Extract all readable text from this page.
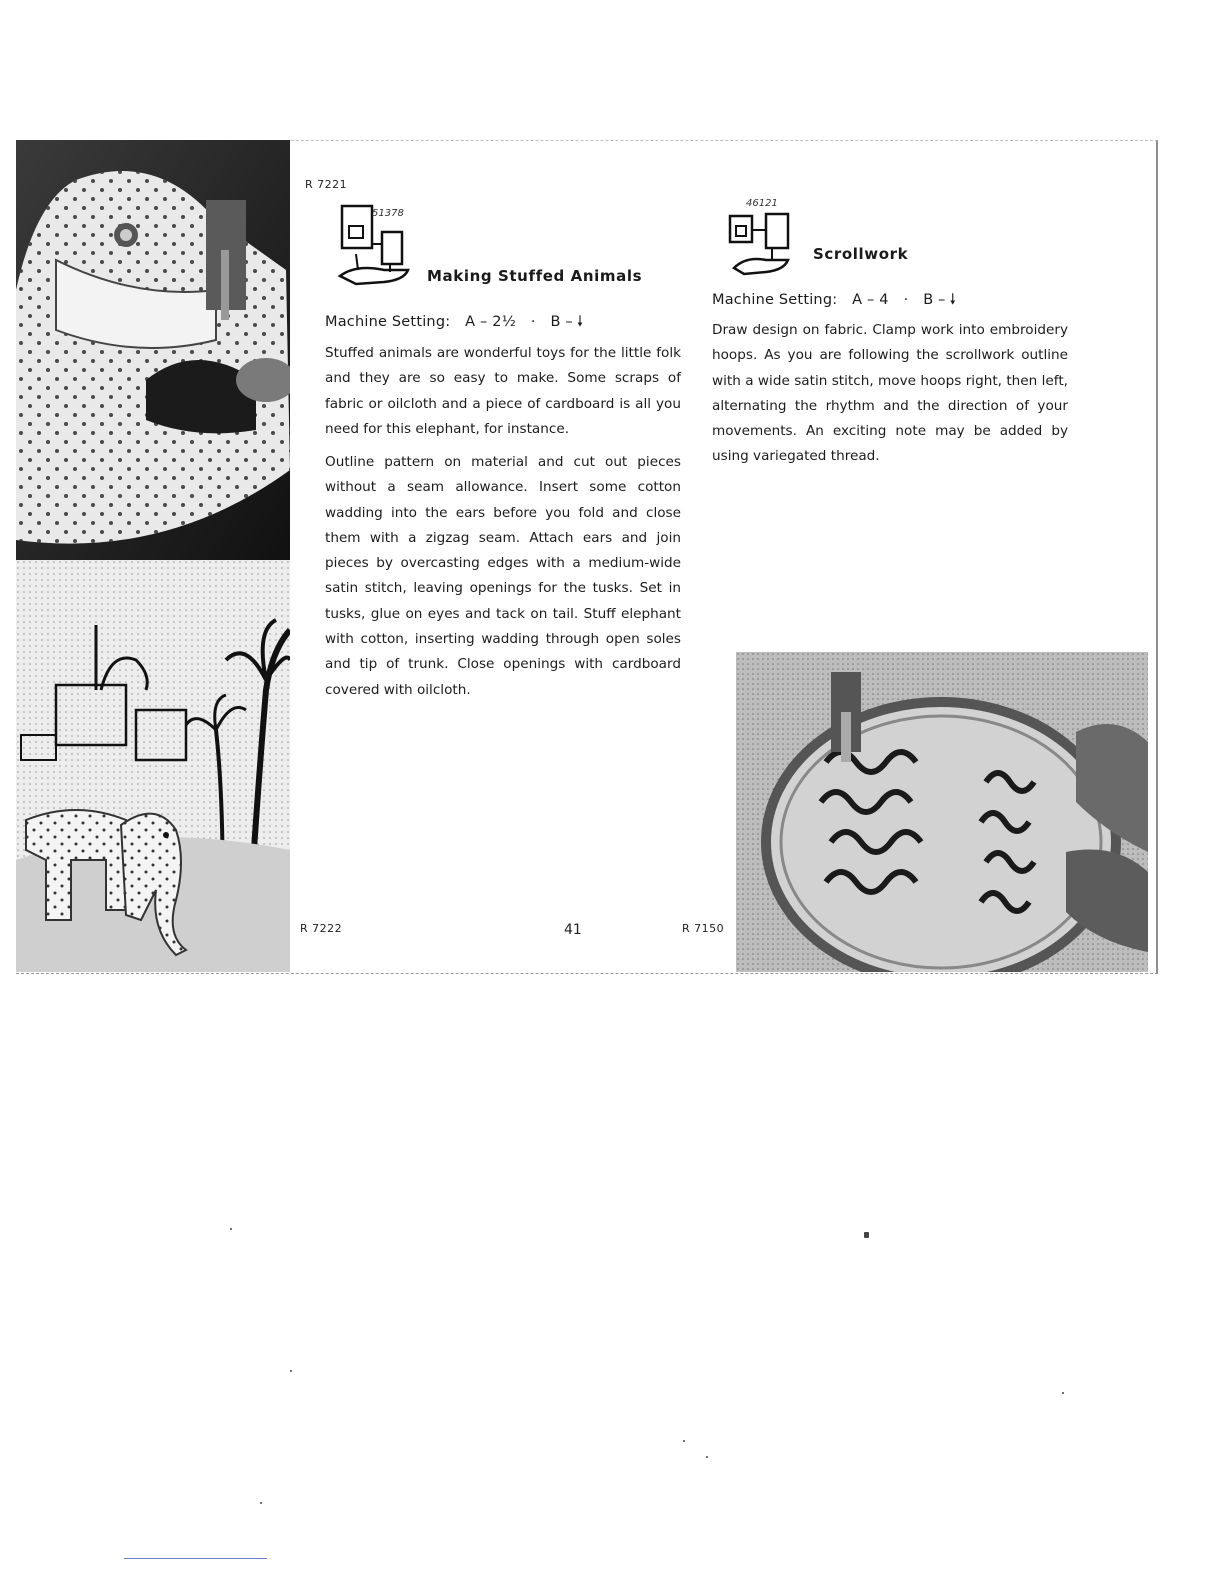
R 7221
51378
Making Stuffed Animals
Machine Setting: A – 2½ · B – 🠗

Stuffed animals are wonderful toys for the little folk and they are so easy to make. Some scraps of fabric or oilcloth and a piece of cardboard is all you need for this elephant, for instance.

Outline pattern on material and cut out pieces without a seam allowance. Insert some cotton wadding into the ears before you fold and close them with a zigzag seam. Attach ears and join pieces by overcasting edges with a medium-wide satin stitch, leaving openings for the tusks. Set in tusks, glue on eyes and tack on tail. Stuff elephant with cotton, inserting wadding through open soles and tip of trunk. Close openings with cardboard covered with oilcloth.

46121
Scrollwork
Machine Setting: A – 4 · B – 🠗

Draw design on fabric. Clamp work into embroidery hoops. As you are following the scrollwork outline with a wide satin stitch, move hoops right, then left, alternating the rhythm and the direction of your movements. An exciting note may be added by using variegated thread.

R 7222	41	R 7150
